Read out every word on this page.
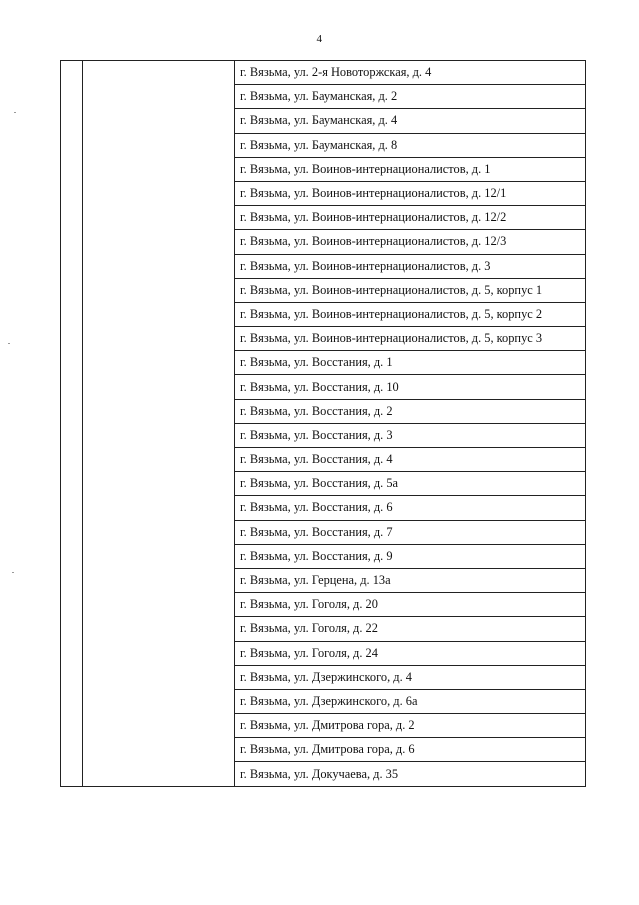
4
		г. Вязьма, ул. 2-я Новоторжская, д. 4
		г. Вязьма, ул. Бауманская, д. 2
		г. Вязьма, ул. Бауманская, д. 4
		г. Вязьма, ул. Бауманская, д. 8
		г. Вязьма, ул. Воинов-интернационалистов, д. 1
		г. Вязьма, ул. Воинов-интернационалистов, д. 12/1
		г. Вязьма, ул. Воинов-интернационалистов, д. 12/2
		г. Вязьма, ул. Воинов-интернационалистов, д. 12/3
		г. Вязьма, ул. Воинов-интернационалистов, д. 3
		г. Вязьма, ул. Воинов-интернационалистов, д. 5, корпус 1
		г. Вязьма, ул. Воинов-интернационалистов, д. 5, корпус 2
		г. Вязьма, ул. Воинов-интернационалистов, д. 5, корпус 3
		г. Вязьма, ул. Восстания, д. 1
		г. Вязьма, ул. Восстания, д. 10
		г. Вязьма, ул. Восстания, д. 2
		г. Вязьма, ул. Восстания, д. 3
		г. Вязьма, ул. Восстания, д. 4
		г. Вязьма, ул. Восстания, д. 5а
		г. Вязьма, ул. Восстания, д. 6
		г. Вязьма, ул. Восстания, д. 7
		г. Вязьма, ул. Восстания, д. 9
		г. Вязьма, ул. Герцена, д. 13а
		г. Вязьма, ул. Гоголя, д. 20
		г. Вязьма, ул. Гоголя, д. 22
		г. Вязьма, ул. Гоголя, д. 24
		г. Вязьма, ул. Дзержинского, д. 4
		г. Вязьма, ул. Дзержинского, д. 6а
		г. Вязьма, ул. Дмитрова гора, д. 2
		г. Вязьма, ул. Дмитрова гора, д. 6
		г. Вязьма, ул. Докучаева, д. 35
